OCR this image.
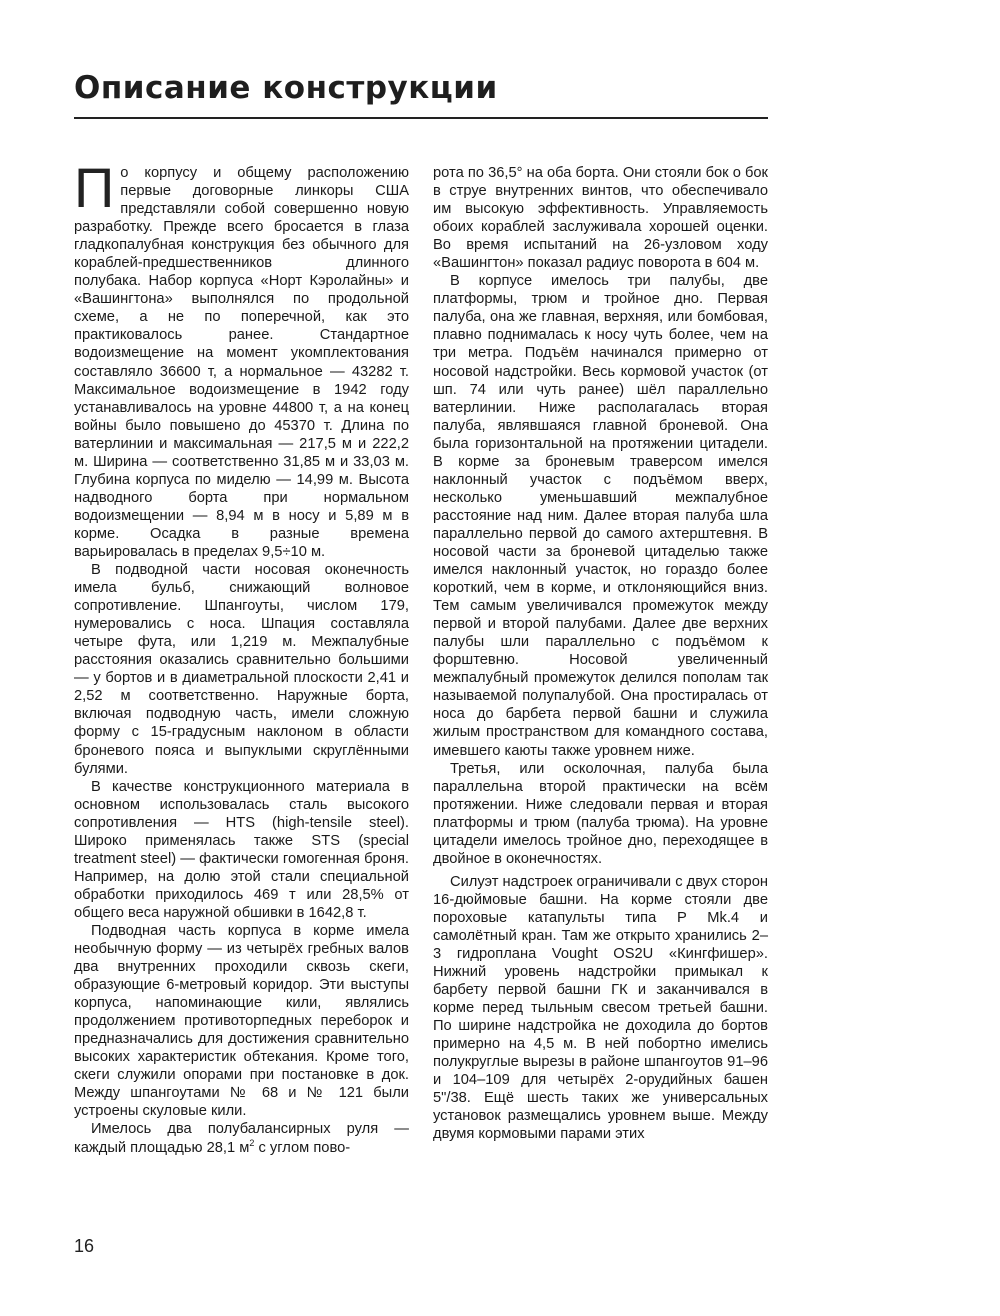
Описание конструкции

По корпусу и общему расположению первые договорные линкоры США представляли собой совершенно новую разработку. Прежде всего бросается в глаза гладкопалубная конструкция без обычного для кораблей-предшественников длинного полубака. Набор корпуса «Норт Кэролайны» и «Вашингтона» выполнялся по продольной схеме, а не по поперечной, как это практиковалось ранее. Стандартное водоизмещение на момент укомплектования составляло 36600 т, а нормальное — 43282 т. Максимальное водоизмещение в 1942 году устанавливалось на уровне 44800 т, а на конец войны было повышено до 45370 т. Длина по ватерлинии и максимальная — 217,5 м и 222,2 м. Ширина — соответственно 31,85 м и 33,03 м. Глубина корпуса по миделю — 14,99 м. Высота надводного борта при нормальном водоизмещении — 8,94 м в носу и 5,89 м в корме. Осадка в разные времена варьировалась в пределах 9,5÷10 м.

В подводной части носовая оконечность имела бульб, снижающий волновое сопротивление. Шпангоуты, числом 179, нумеровались с носа. Шпация составляла четыре фута, или 1,219 м. Межпалубные расстояния оказались сравнительно большими — у бортов и в диаметральной плоскости 2,41 и 2,52 м соответственно. Наружные борта, включая подводную часть, имели сложную форму с 15-градусным наклоном в области броневого пояса и выпуклыми скруглёнными булями.

В качестве конструкционного материала в основном использовалась сталь высокого сопротивления — HTS (high-tensile steel). Широко применялась также STS (special treatment steel) — фактически гомогенная броня. Например, на долю этой стали специальной обработки приходилось 469 т или 28,5% от общего веса наружной обшивки в 1642,8 т.

Подводная часть корпуса в корме имела необычную форму — из четырёх гребных валов два внутренних проходили сквозь скеги, образующие 6-метровый коридор. Эти выступы корпуса, напоминающие кили, являлись продолжением противоторпедных переборок и предназначались для достижения сравнительно высоких характеристик обтекания. Кроме того, скеги служили опорами при постановке в док. Между шпангоутами № 68 и № 121 были устроены скуловые кили.

Имелось два полубалансирных руля — каждый площадью 28,1 $м^2$ с углом пово-

рота по 36,5° на оба борта. Они стояли бок о бок в струе внутренних винтов, что обеспечивало им высокую эффективность. Управляемость обоих кораблей заслуживала хорошей оценки. Во время испытаний на 26-узловом ходу «Вашингтон» показал радиус поворота в 604 м.

В корпусе имелось три палубы, две платформы, трюм и тройное дно. Первая палуба, она же главная, верхняя, или бомбовая, плавно поднималась к носу чуть более, чем на три метра. Подъём начинался примерно от носовой надстройки. Весь кормовой участок (от шп. 74 или чуть ранее) шёл параллельно ватерлинии. Ниже располагалась вторая палуба, являвшаяся главной броневой. Она была горизонтальной на протяжении цитадели. В корме за броневым траверсом имелся наклонный участок с подъёмом вверх, несколько уменьшавший межпалубное расстояние над ним. Далее вторая палуба шла параллельно первой до самого ахтерштевня. В носовой части за броневой цитаделью также имелся наклонный участок, но гораздо более короткий, чем в корме, и отклоняющийся вниз. Тем самым увеличивался промежуток между первой и второй палубами. Далее две верхних палубы шли параллельно с подъёмом к форштевню. Носовой увеличенный межпалубный промежуток делился пополам так называемой полупалубой. Она простиралась от носа до барбета первой башни и служила жилым пространством для командного состава, имевшего каюты также уровнем ниже.

Третья, или осколочная, палуба была параллельна второй практически на всём протяжении. Ниже следовали первая и вторая платформы и трюм (палуба трюма). На уровне цитадели имелось тройное дно, переходящее в двойное в оконечностях.

Силуэт надстроек ограничивали с двух сторон 16-дюймовые башни. На корме стояли две пороховые катапульты типа P Mk.4 и самолётный кран. Там же открыто хранились 2–3 гидроплана Vought OS2U «Кингфишер». Нижний уровень надстройки примыкал к барбету первой башни ГК и заканчивался в корме перед тыльным свесом третьей башни. По ширине надстройка не доходила до бортов примерно на 4,5 м. В ней побортно имелись полукруглые вырезы в районе шпангоутов 91–96 и 104–109 для четырёх 2-орудийных башен 5"/38. Ещё шесть таких же универсальных установок размещались уровнем выше. Между двумя кормовыми парами этих

16
